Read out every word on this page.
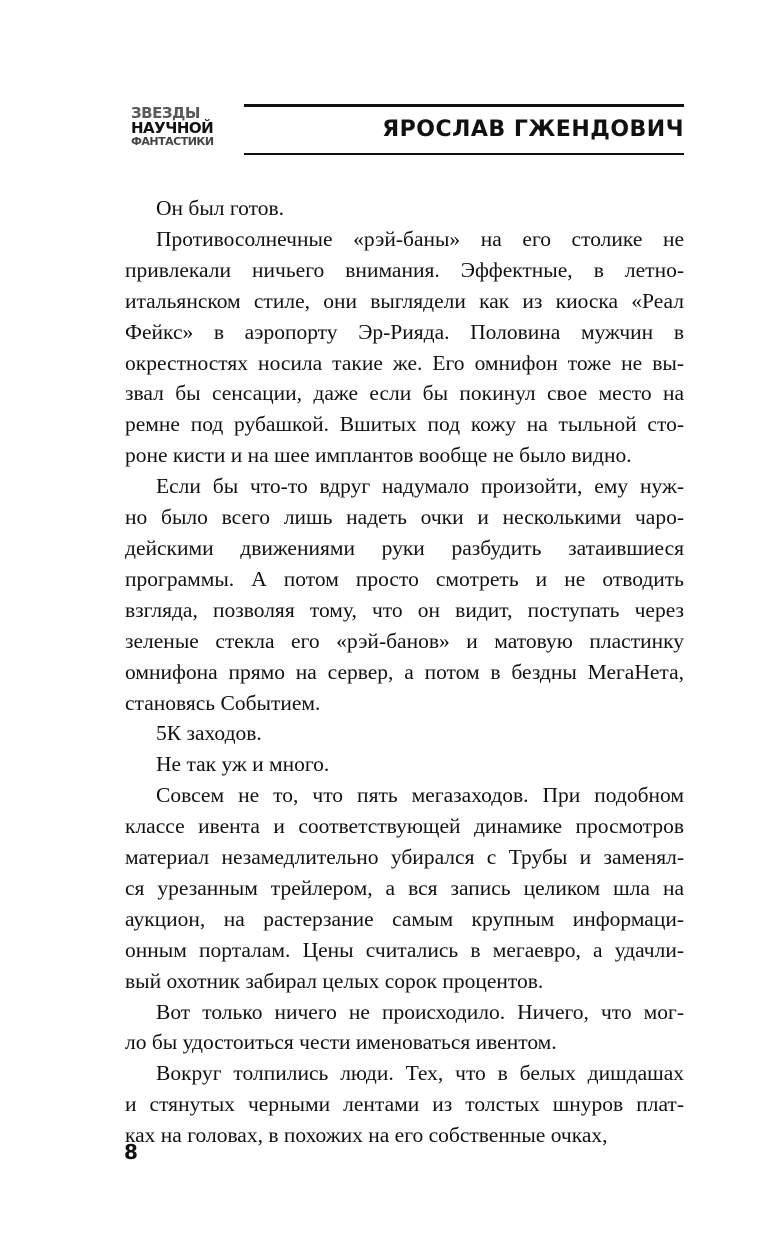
ЗВЕЗДЫ
НАУЧНОЙ
ФАНТАСТИКИ	ЯРОСЛАВ ГЖЕНДОВИЧ
Он был готов.
Противосолнечные «рэй-баны» на его столике не
привлекали ничьего внимания. Эффектные, в летно-
итальянском стиле, они выглядели как из киоска «Реал
Фейкс» в аэропорту Эр-Рияда. Половина мужчин в
окрестностях носила такие же. Его омнифон тоже не вы-
звал бы сенсации, даже если бы покинул свое место на
ремне под рубашкой. Вшитых под кожу на тыльной сто-
роне кисти и на шее имплантов вообще не было видно.
Если бы что-то вдруг надумало произойти, ему нуж-
но было всего лишь надеть очки и несколькими чаро-
дейскими движениями руки разбудить затаившиеся
программы. А потом просто смотреть и не отводить
взгляда, позволяя тому, что он видит, поступать через
зеленые стекла его «рэй-банов» и матовую пластинку
омнифона прямо на сервер, а потом в бездны МегаНета,
становясь Событием.
5К заходов.
Не так уж и много.
Совсем не то, что пять мегазаходов. При подобном
классе ивента и соответствующей динамике просмотров
материал незамедлительно убирался с Трубы и заменял-
ся урезанным трейлером, а вся запись целиком шла на
аукцион, на растерзание самым крупным информаци-
онным порталам. Цены считались в мегаевро, а удачли-
вый охотник забирал целых сорок процентов.
Вот только ничего не происходило. Ничего, что мог-
ло бы удостоиться чести именоваться ивентом.
Вокруг толпились люди. Тех, что в белых дишдашах
и стянутых черными лентами из толстых шнуров плат-
ках на головах, в похожих на его собственные очках,
8
